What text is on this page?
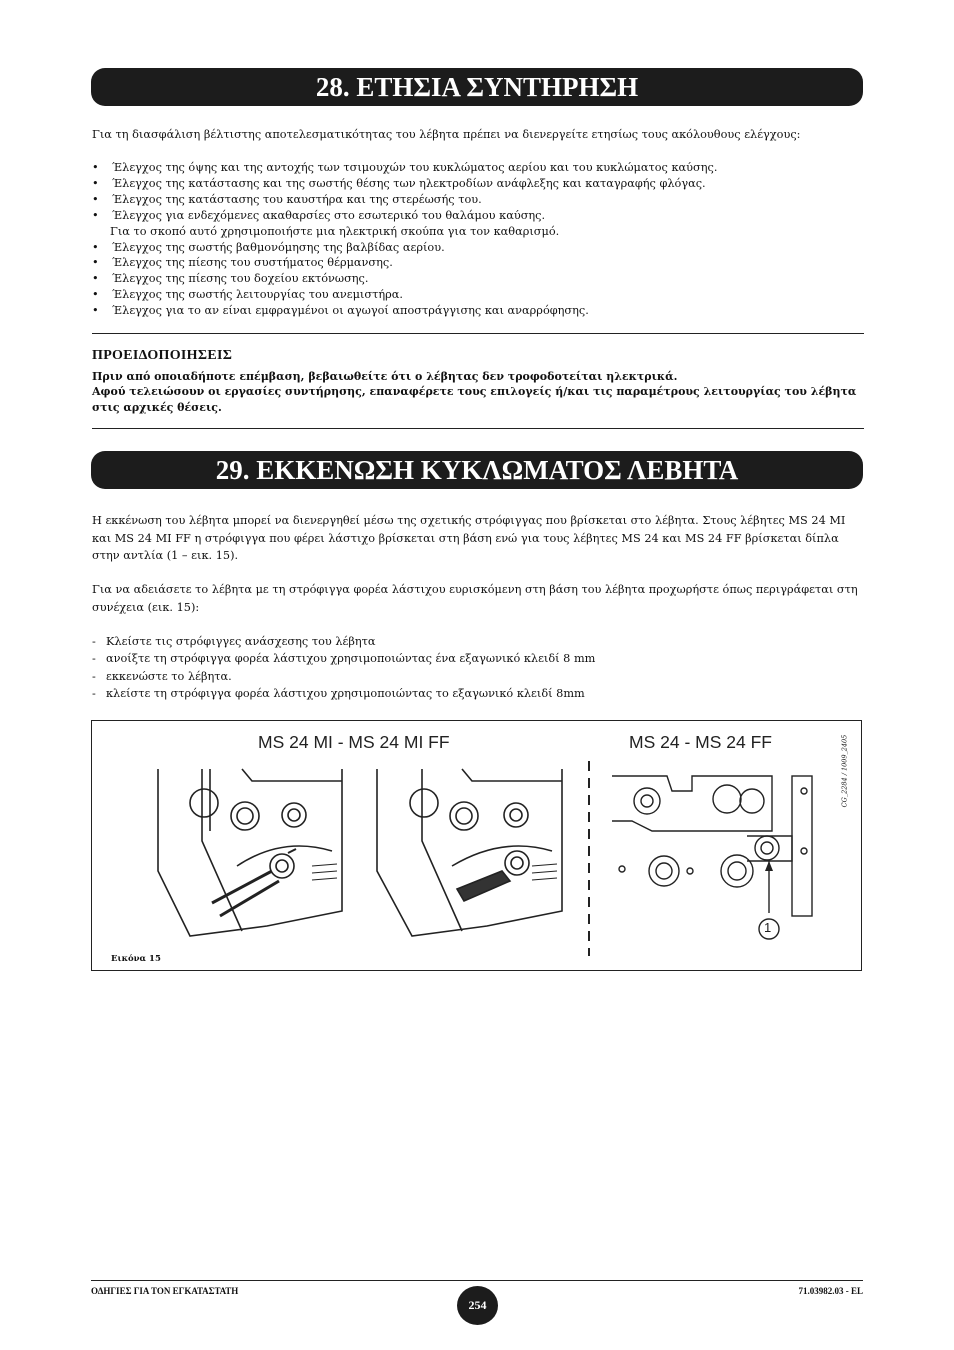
28. ΕΤΗΣΙΑ ΣΥΝΤΗΡΗΣΗ
Για τη διασφάλιση βέλτιστης αποτελεσματικότητας του λέβητα πρέπει να διενεργείτε ετησίως τους ακόλουθους ελέγχους:
• Έλεγχος της όψης και της αντοχής των τσιμουχών του κυκλώματος αερίου και του κυκλώματος καύσης.
• Έλεγχος της κατάστασης και της σωστής θέσης των ηλεκτροδίων ανάφλεξης και καταγραφής φλόγας.
• Έλεγχος της κατάστασης του καυστήρα και της στερέωσής του.
• Έλεγχος για ενδεχόμενες ακαθαρσίες στο εσωτερικό του θαλάμου καύσης.
Για το σκοπό αυτό χρησιμοποιήστε μια ηλεκτρική σκούπα για τον καθαρισμό.
• Έλεγχος της σωστής βαθμονόμησης της βαλβίδας αερίου.
• Έλεγχος της πίεσης του συστήματος θέρμανσης.
• Έλεγχος της πίεσης του δοχείου εκτόνωσης.
• Έλεγχος της σωστής λειτουργίας του ανεμιστήρα.
• Έλεγχος για το αν είναι εμφραγμένοι οι αγωγοί αποστράγγισης και αναρρόφησης.
ΠΡΟΕΙΔΟΠΟΙΗΣΕΙΣ
Πριν από οποιαδήποτε επέμβαση, βεβαιωθείτε ότι ο λέβητας δεν τροφοδοτείται ηλεκτρικά.
Αφού τελειώσουν οι εργασίες συντήρησης, επαναφέρετε τους επιλογείς ή/και τις παραμέτρους λειτουργίας του λέβητα στις αρχικές θέσεις.
29. ΕΚΚΕΝΩΣΗ ΚΥΚΛΩΜΑΤΟΣ ΛΕΒΗΤΑ
Η εκκένωση του λέβητα μπορεί να διενεργηθεί μέσω της σχετικής στρόφιγγας που βρίσκεται στο λέβητα. Στους λέβητες MS 24 MI και MS 24 MI FF η στρόφιγγα που φέρει λάστιχο βρίσκεται στη βάση ενώ για τους λέβητες MS 24 και MS 24 FF βρίσκεται δίπλα στην αντλία (1 – εικ. 15).
Για να αδειάσετε το λέβητα με τη στρόφιγγα φορέα λάστιχου ευρισκόμενη στη βάση του λέβητα προχωρήστε όπως περιγράφεται στη συνέχεια (εικ. 15):
- Κλείστε τις στρόφιγγες ανάσχεσης του λέβητα
- ανοίξτε τη στρόφιγγα φορέα λάστιχου χρησιμοποιώντας ένα εξαγωνικό κλειδί 8 mm
- εκκενώστε το λέβητα.
- κλείστε τη στρόφιγγα φορέα λάστιχου χρησιμοποιώντας το εξαγωνικό κλειδί 8mm
MS 24 MI - MS 24 MI FF	MS 24 - MS 24 FF
1
CG_2284 / 1009_2405
Εικόνα 15
ΟΔΗΓΙΕΣ ΓΙΑ ΤΟΝ ΕΓΚΑΤΑΣΤΑΤΗ
254
71.03982.03 - EL
